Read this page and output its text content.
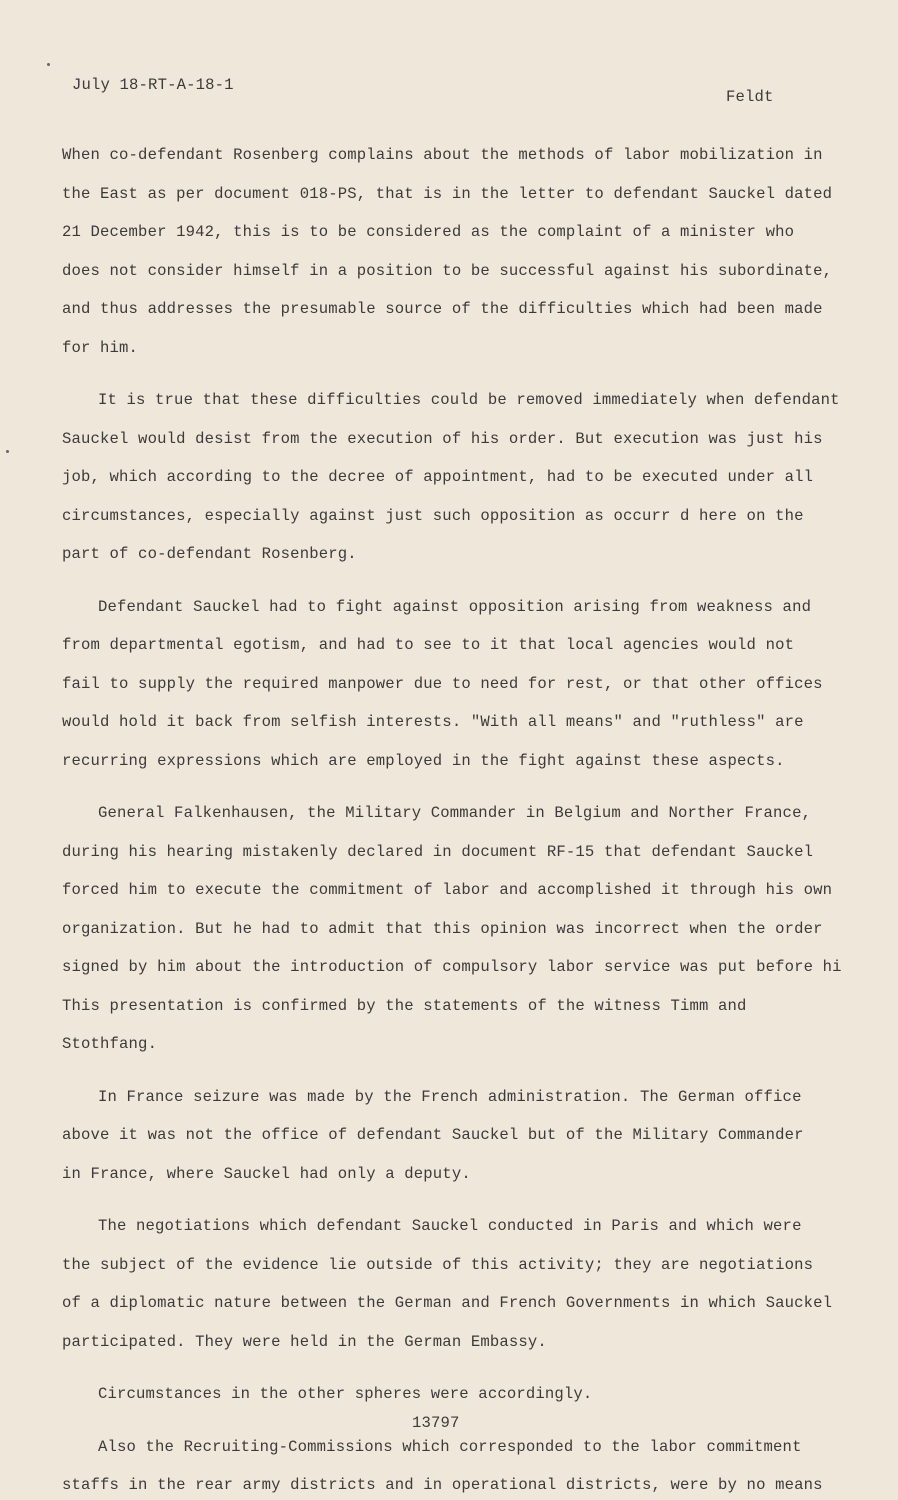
July 18-RT-A-18-1
Feldt
When co-defendant Rosenberg complains about the methods of labor mobilization in
the East as per document 018-PS, that is in the letter to defendant Sauckel dated
21 December 1942, this is to be considered as the complaint of a minister who
does not consider himself in a position to be successful against his subordinate,
and thus addresses the presumable source of the difficulties which had been made
for him.
It is true that these difficulties could be removed immediately when defendant
Sauckel would desist from the execution of his order. But execution was just his
job, which according to the decree of appointment, had to be executed under all
circumstances, especially against just such opposition as occurr d here on the
part of co-defendant Rosenberg.
Defendant Sauckel had to fight against opposition arising from weakness and
from departmental egotism, and had to see to it that local agencies would not
fail to supply the required manpower due to need for rest, or that other offices
would hold it back from selfish interests. "With all means" and "ruthless" are
recurring expressions which are employed in the fight against these aspects.
General Falkenhausen, the Military Commander in Belgium and Norther France,
during his hearing mistakenly declared in document RF-15 that defendant Sauckel
forced him to execute the commitment of labor and accomplished it through his own
organization. But he had to admit that this opinion was incorrect when the order
signed by him about the introduction of compulsory labor service was put before hi
This presentation is confirmed by the statements of the witness Timm and
Stothfang.
In France seizure was made by the French administration. The German office
above it was not the office of defendant Sauckel but of the Military Commander
in France, where Sauckel had only a deputy.
The negotiations which defendant Sauckel conducted in Paris and which were
the subject of the evidence lie outside of this activity; they are negotiations
of a diplomatic nature between the German and French Governments in which Sauckel
participated. They were held in the German Embassy.
Circumstances in the other spheres were accordingly.
Also the Recruiting-Commissions which corresponded to the labor commitment
staffs in the rear army districts and in operational districts, were by no means
13797
